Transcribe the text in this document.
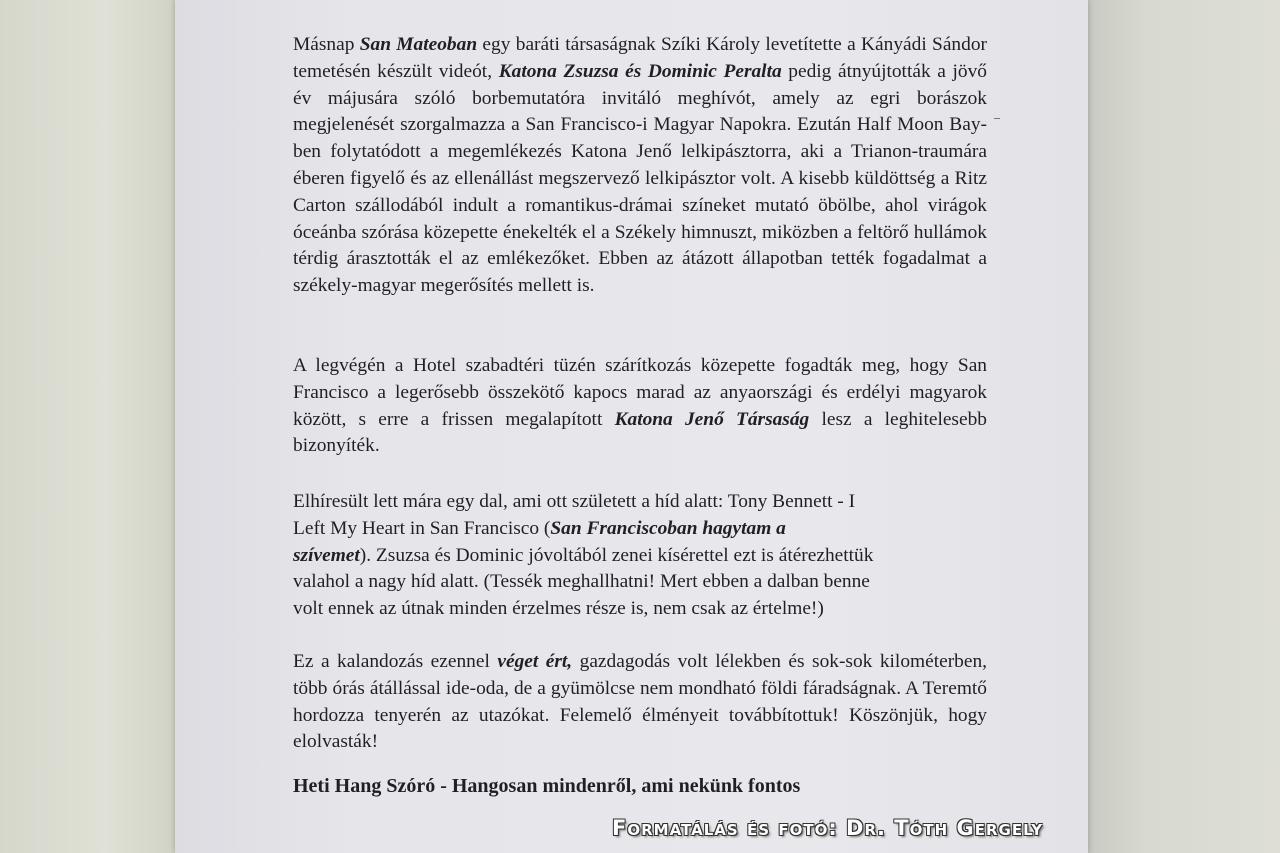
Másnap San Mateoban egy baráti társaságnak Szíki Károly levetítette a Kányádi Sándor temetésén készült videót, Katona Zsuzsa és Dominic Peralta pedig átnyújtották a jövő év májusára szóló borbemutatóra invitáló meghívót, amely az egri borászok megjelenését szorgalmazza a San Francisco-i Magyar Napokra. Ezután Half Moon Bay-ben folytatódott a megemlékezés Katona Jenő lelkipásztorra, aki a Trianon-traumára éberen figyelő és az ellenállást megszervező lelkipásztor volt. A kisebb küldöttség a Ritz Carton szállodából indult a romantikus-drámai színeket mutató öbölbe, ahol virágok óceánba szórása közepette énekelték el a Székely himnuszt, miközben a feltörő hullámok térdig árasztották el az emlékezőket. Ebben az átázott állapotban tették fogadalmat a székely-magyar megerősítés mellett is.

A legvégén a Hotel szabadtéri tüzén szárítkozás közepette fogadták meg, hogy San Francisco a legerősebb összekötő kapocs marad az anyaországi és erdélyi magyarok között, s erre a frissen megalapított Katona Jenő Társaság lesz a leghitelesebb bizonyíték.

Elhíresült lett mára egy dal, ami ott született a híd alatt: Tony Bennett - I
Left My Heart in San Francisco (San Franciscoban hagytam a
szívemet). Zsuzsa és Dominic jóvoltából zenei kísérettel ezt is átérezhettük
valahol a nagy híd alatt. (Tessék meghallhatni! Mert ebben a dalban benne
volt ennek az útnak minden érzelmes része is, nem csak az értelme!)

Ez a kalandozás ezennel véget ért, gazdagodás volt lélekben és sok-sok kilométerben, több órás átállással ide-oda, de a gyümölcse nem mondható földi fáradságnak. A Teremtő hordozza tenyerén az utazókat. Felemelő élményeit továbbítottuk! Köszönjük, hogy elolvasták!

Heti Hang Szóró - Hangosan mindenről, ami nekünk fontos
Formatálás és fotó: Dr. Tóth Gergely
